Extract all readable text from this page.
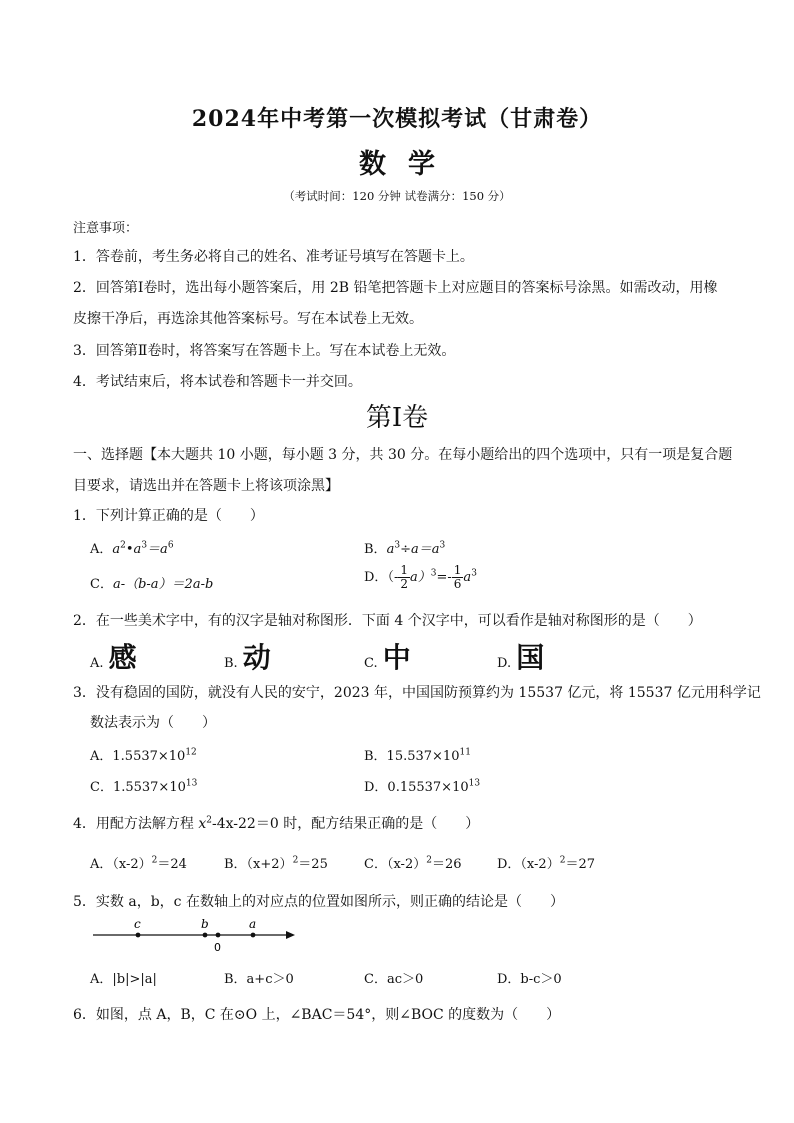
2024年中考第一次模拟考试（甘肃卷）
数学
（考试时间：120 分钟 试卷满分：150 分）
注意事项：
1．答卷前，考生务必将自己的姓名、准考证号填写在答题卡上。
2．回答第Ⅰ卷时，选出每小题答案后，用 2B 铅笔把答题卡上对应题目的答案标号涂黑。如需改动，用橡
皮擦干净后，再选涂其他答案标号。写在本试卷上无效。
3．回答第Ⅱ卷时，将答案写在答题卡上。写在本试卷上无效。
4．考试结束后，将本试卷和答题卡一并交回。
第Ⅰ卷
一、选择题【本大题共 10 小题，每小题 3 分，共 30 分。在每小题给出的四个选项中，只有一项是复合题
目要求，请选出并在答题卡上将该项涂黑】
1．下列计算正确的是（　　）
A．$a^2•a^3=a^6$	B．$a^3\div a=a^3$
C．a-（b-a）＝2a-b	D．（- $\frac{1}{2} a)^3=- \frac{1}{6} a^3$
2．在一些美术字中，有的汉字是轴对称图形．下面 4 个汉字中，可以看作是轴对称图形的是（　　）
A. 感	B. 动	C. 中	D. 国
3．没有稳固的国防，就没有人民的安宁，2023 年，中国国防预算约为 15537 亿元，将 15537 亿元用科学记
数法表示为（　　）
A．$1.5537\times 10^{12}$	B．$15.537\times 10^{11}$
C．$1.5537\times 10^{13}$	D．$0.15537\times 10^{13}$
4．用配方法解方程 $x^2-4x-22=0$ 时，配方结果正确的是（　　）
A．$(x-2)^2=24$	B．$(x+2)^2=25$	C．$(x-2)^2=26$	D．$(x-2)^2=27$
5．实数 a，b，c 在数轴上的对应点的位置如图所示，则正确的结论是（　　）
c	b
0
a
A．|b|>|a|	B．a+c＞0	C．ac＞0	D．b-c＞0
6．如图，点 A，B，C 在⊙O 上，∠BAC＝54°，则∠BOC 的度数为（　　）
